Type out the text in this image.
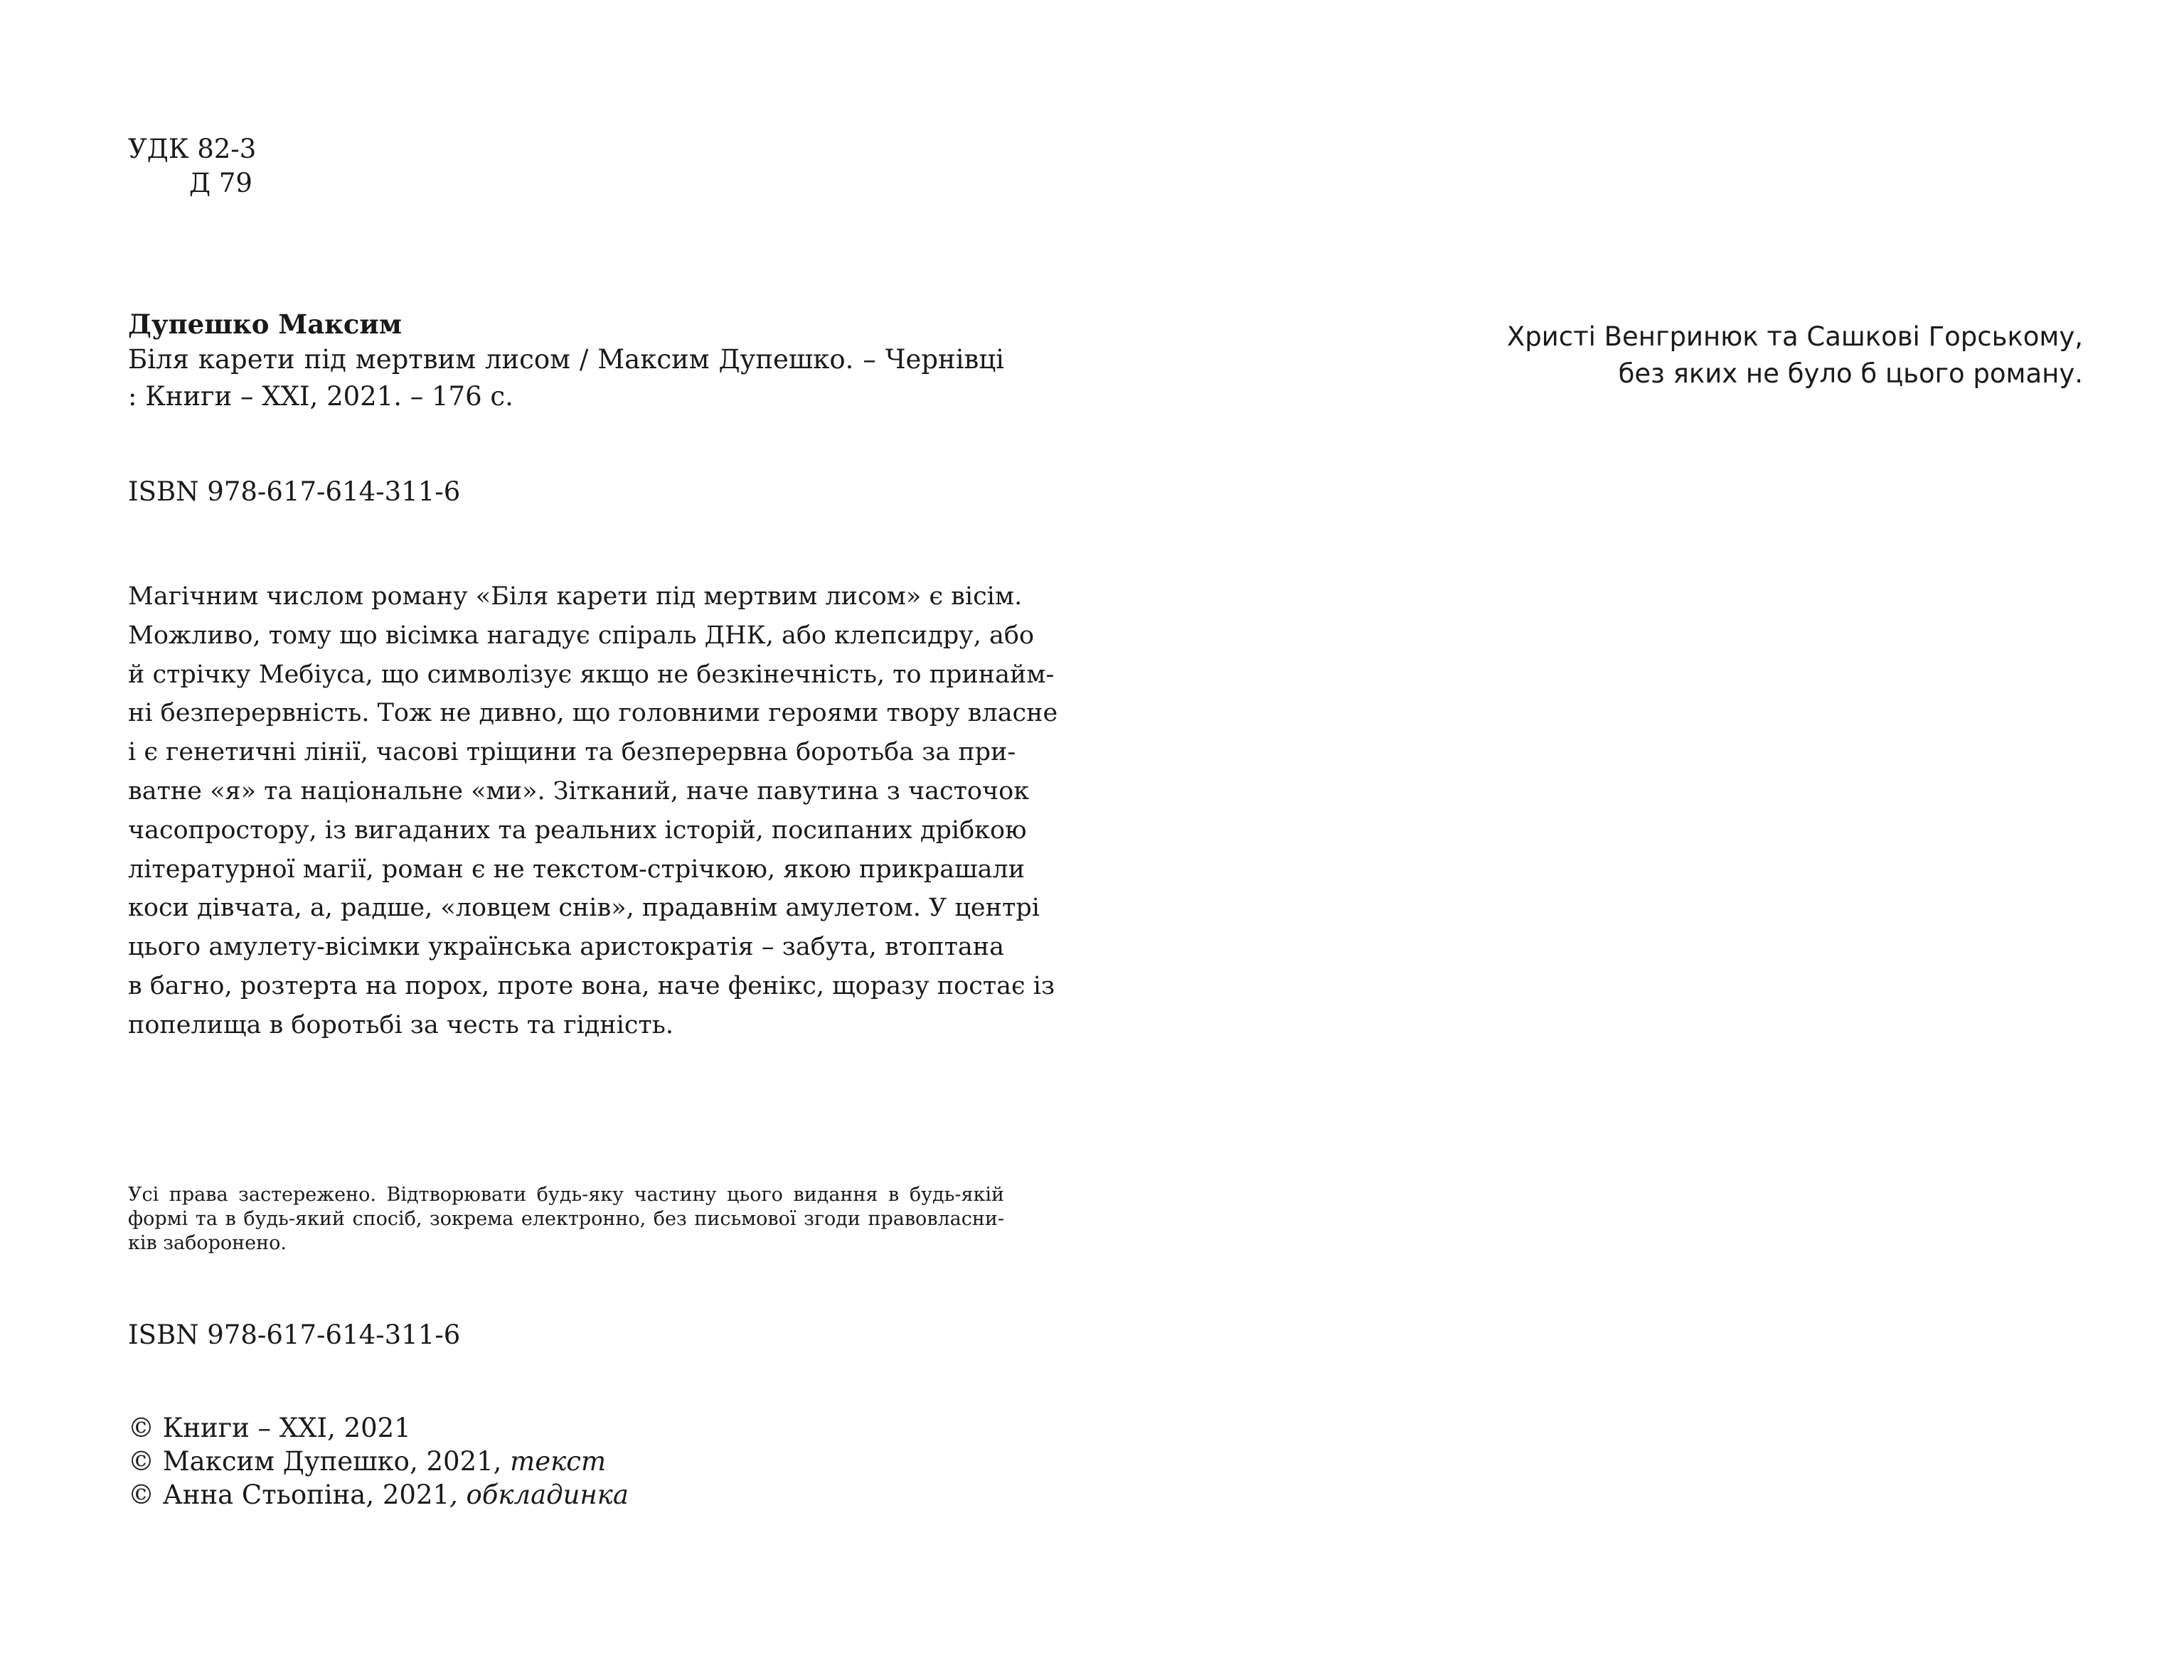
УДК 82-3
Д 79
Дупешко Максим
Біля карети під мертвим лисом / Максим Дупешко. – Чернівці : Книги – ХХІ, 2021. – 176 с.
ISBN 978-617-614-311-6
Магічним числом роману «Біля карети під мертвим лисом» є вісім.
Можливо, тому що вісімка нагадує спіраль ДНК, або клепсидру, або
й стрічку Мебіуса, що символізує якщо не безкінечність, то принайм-
ні безперервність. Тож не дивно, що головними героями твору власне
і є генетичні лінії, часові тріщини та безперервна боротьба за при-
ватне «я» та національне «ми». Зітканий, наче павутина з часточок
часопростору, із вигаданих та реальних історій, посипаних дрібкою
літературної магії, роман є не текстом-стрічкою, якою прикрашали
коси дівчата, а, радше, «ловцем снів», прадавнім амулетом. У центрі
цього амулету-вісімки українська аристократія – забута, втоптана
в багно, розтерта на порох, проте вона, наче фенікс, щоразу постає із
попелища в боротьбі за честь та гідність.
Усі права застережено. Відтворювати будь-яку частину цього видання в будь-якій
формі та в будь-який спосіб, зокрема електронно, без письмової згоди правовласни-
ків заборонено.
ISBN 978-617-614-311-6
© Книги – ХХІ, 2021
© Максим Дупешко, 2021, текст
© Анна Стьопіна, 2021, обкладинка
Христі Венгринюк та Сашкові Горському,
без яких не було б цього роману.
